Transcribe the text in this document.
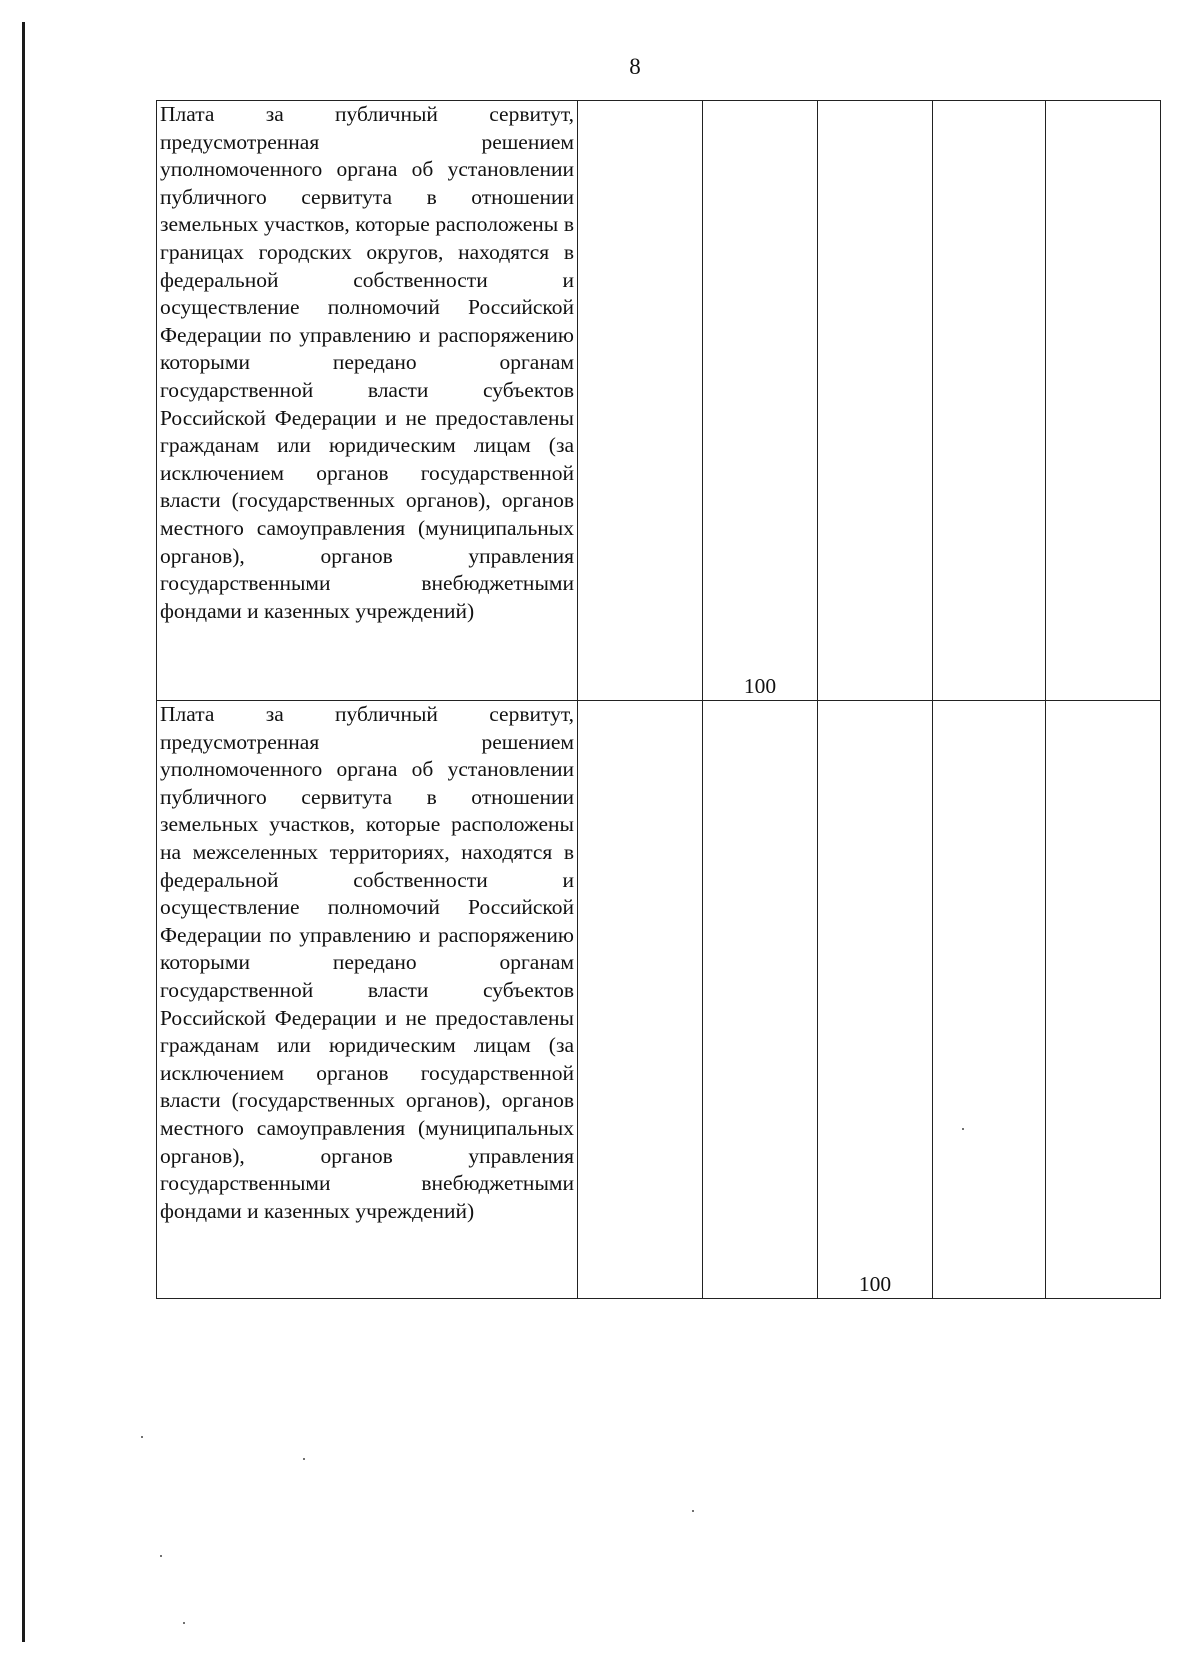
8
Плата за публичный сервитут, предусмотренная решением уполномоченного органа об установлении публичного сервитута в отношении земельных участков, которые расположены в границах городских округов, находятся в федеральной собственности и осуществление полномочий Российской Федерации по управлению и распоряжению которыми передано органам государственной власти субъектов Российской Федерации и не предоставлены гражданам или юридическим лицам (за исключением органов государственной власти (государственных органов), органов местного самоуправления (муниципальных органов), органов управления государственными внебюджетными фондами и казенных учреждений)		100			

Плата за публичный сервитут, предусмотренная решением уполномоченного органа об установлении публичного сервитута в отношении земельных участков, которые расположены на межселенных территориях, находятся в федеральной собственности и осуществление полномочий Российской Федерации по управлению и распоряжению которыми передано органам государственной власти субъектов Российской Федерации и не предоставлены гражданам или юридическим лицам (за исключением органов государственной власти (государственных органов), органов местного самоуправления (муниципальных органов), органов управления государственными внебюджетными фондами и казенных учреждений)			100		
